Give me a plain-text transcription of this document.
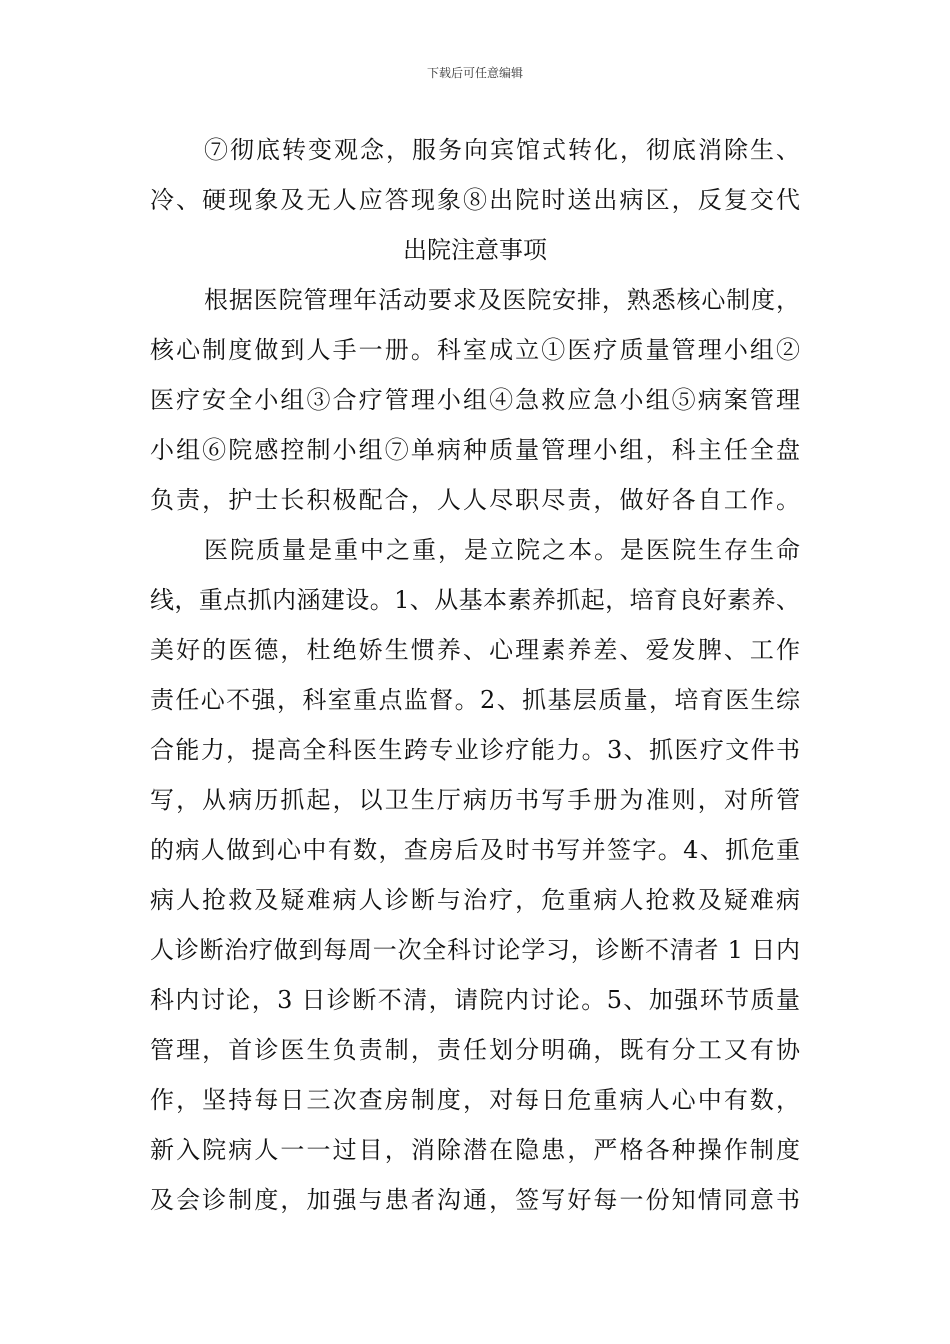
下载后可任意编辑
⑦彻底转变观念，服务向宾馆式转化，彻底消除生、
冷、硬现象及无人应答现象⑧出院时送出病区，反复交代
出院注意事项
根据医院管理年活动要求及医院安排，熟悉核心制度，
核心制度做到人手一册。科室成立①医疗质量管理小组②
医疗安全小组③合疗管理小组④急救应急小组⑤病案管理
小组⑥院感控制小组⑦单病种质量管理小组，科主任全盘
负责，护士长积极配合，人人尽职尽责，做好各自工作。
医院质量是重中之重，是立院之本。是医院生存生命
线，重点抓内涵建设。1、从基本素养抓起，培育良好素养、
美好的医德，杜绝娇生惯养、心理素养差、爱发脾、工作
责任心不强，科室重点监督。2、抓基层质量，培育医生综
合能力，提高全科医生跨专业诊疗能力。3、抓医疗文件书
写，从病历抓起，以卫生厅病历书写手册为准则，对所管
的病人做到心中有数，查房后及时书写并签字。4、抓危重
病人抢救及疑难病人诊断与治疗，危重病人抢救及疑难病
人诊断治疗做到每周一次全科讨论学习，诊断不清者 1 日内
科内讨论，3 日诊断不清，请院内讨论。5、加强环节质量
管理，首诊医生负责制，责任划分明确，既有分工又有协
作，坚持每日三次查房制度，对每日危重病人心中有数，
新入院病人一一过目，消除潜在隐患，严格各种操作制度
及会诊制度，加强与患者沟通，签写好每一份知情同意书
